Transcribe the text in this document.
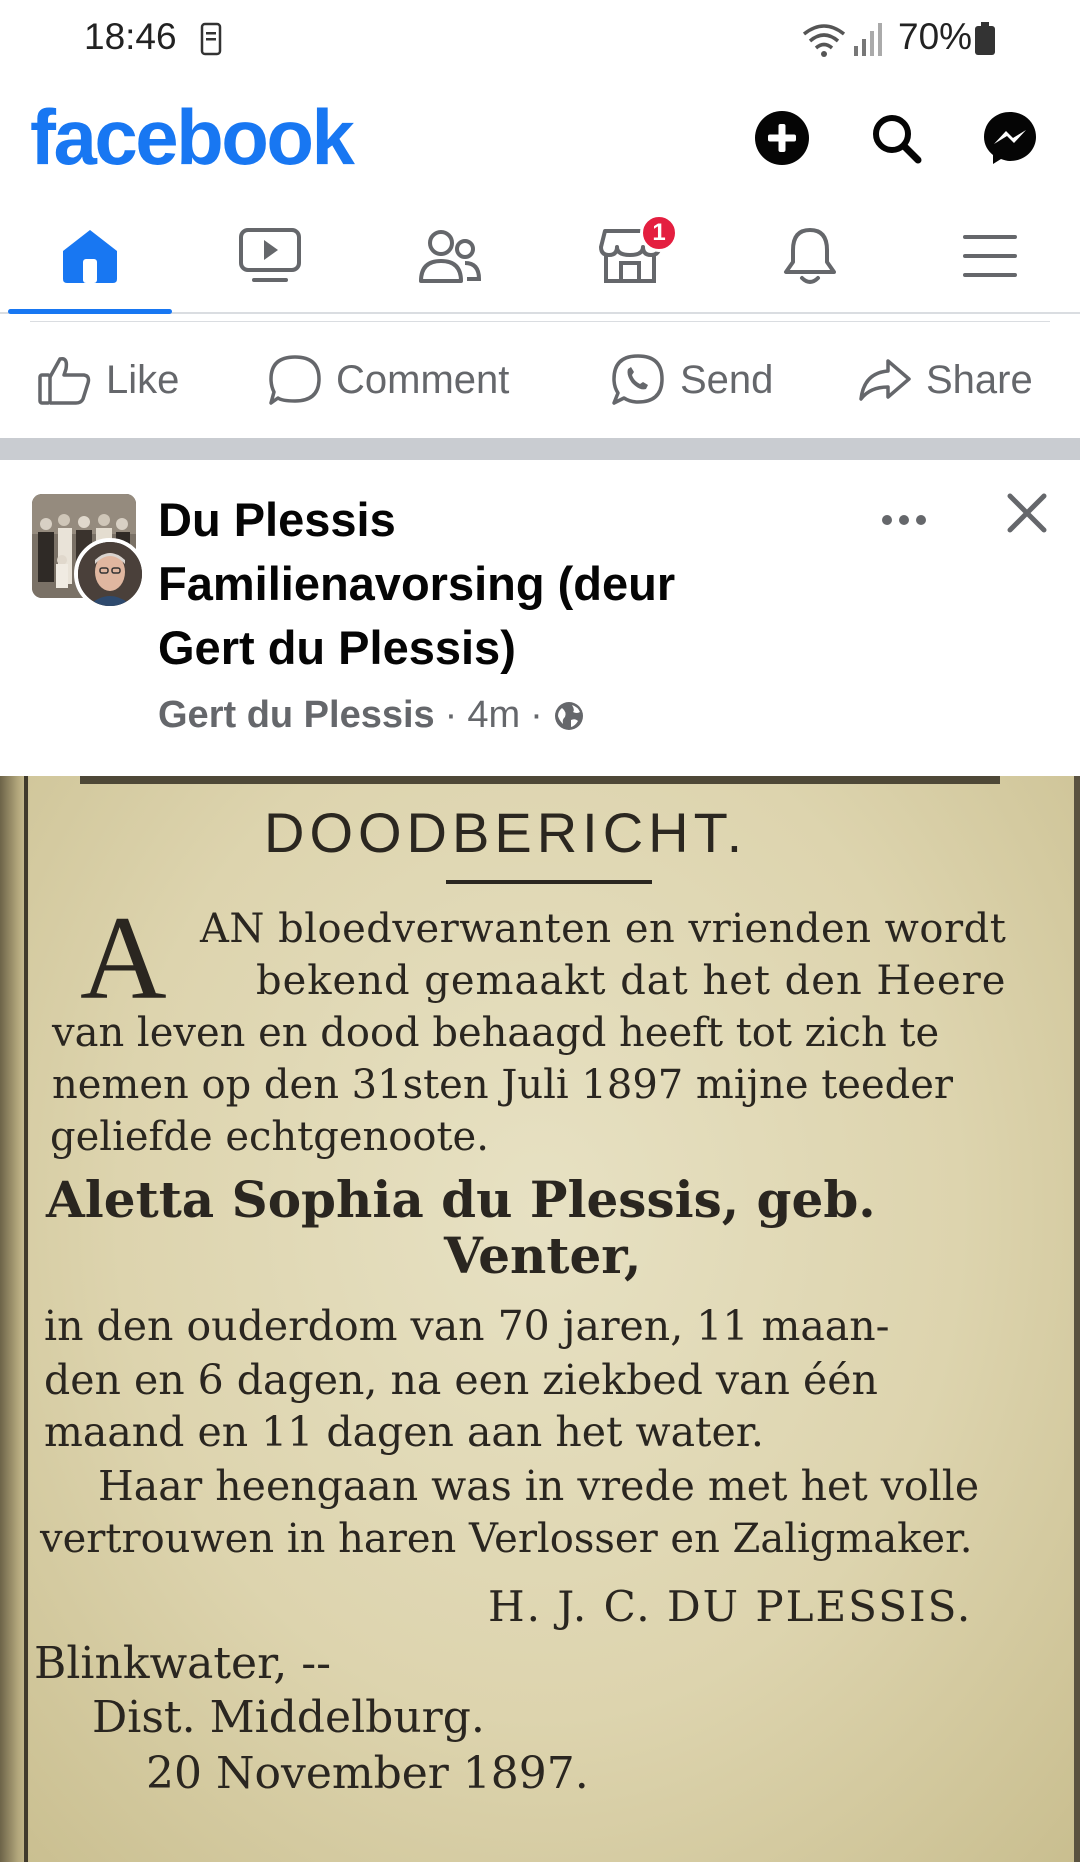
18:46	70%
facebook
1
Like	Comment	Send	Share
Du Plessis Familienavorsing (deur Gert du Plessis)
Gert du Plessis · 4m ·
DOODBERICHT.
A AN bloedverwanten en vrienden wordt
bekend gemaakt dat het den Heere
van leven en dood behaagd heeft tot zich te
nemen op den 31sten Juli 1897 mijne teeder
geliefde echtgenoote.
Aletta Sophia du Plessis, geb.
Venter,
in den ouderdom van 70 jaren, 11 maan-
den en 6 dagen, na een ziekbed van één
maand en 11 dagen aan het water.
Haar heengaan was in vrede met het volle
vertrouwen in haren Verlosser en Zaligmaker.
H. J. C. DU PLESSIS.
Blinkwater, --
Dist. Middelburg.
20 November 1897.
